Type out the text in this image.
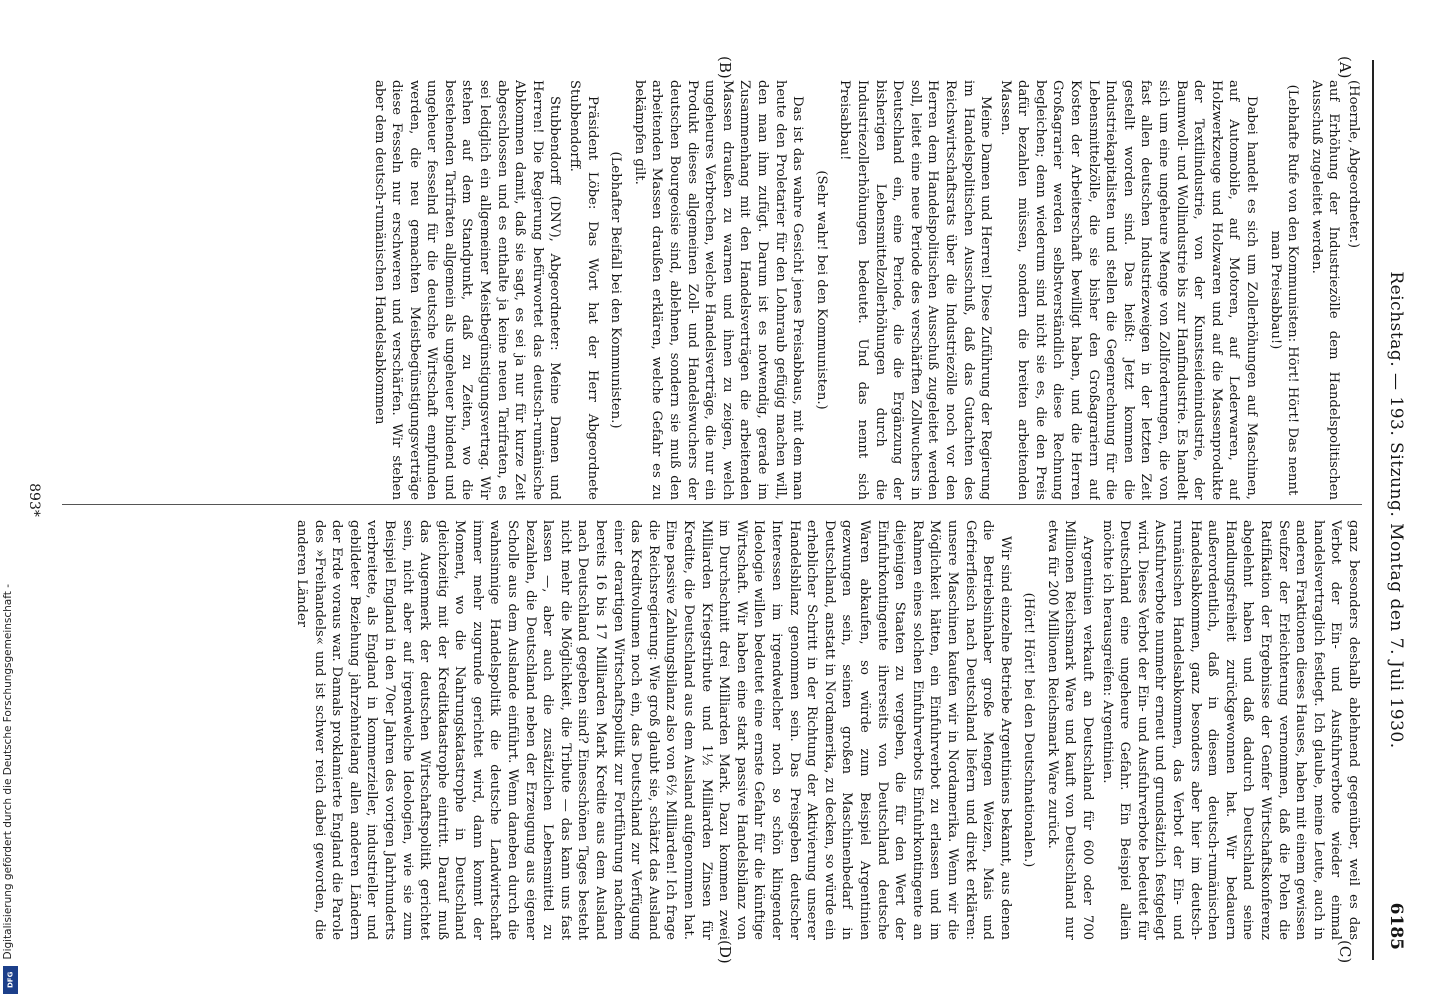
Digitalisierung gefördert durch die Deutsche Forschungsgemeinschaft -
DFG
Reichstag. — 193. Sitzung. Montag den 7. Juli 1930.
6185
(A)
(B)
(C)
(D)

(Hoernle, Abgeordneter.)

auf Erhöhung der Industriezölle dem Handelspolitischen Ausschuß zugeleitet werden.

(Lebhafte Rufe von den Kommunisten: Hört! Hört! Das nennt man Preisabbau!)

Dabei handelt es sich um Zollerhöhungen auf Maschinen, auf Automobile, auf Motoren, auf Lederwaren, auf Holzwerkzeuge und Holzwaren und auf die Massenprodukte der Textilindustrie, von der Kunstseidenindustrie, der Baumwoll- und Wollindustrie bis zur Hanfindustrie. Es handelt sich um eine ungeheure Menge von Zollforderungen, die von fast allen deutschen Industriezweigen in der letzten Zeit gestellt worden sind. Das heißt: Jetzt kommen die Industriekapitalisten und stellen die Gegenrechnung für die Lebensmittelzölle, die sie bisher den Großagrariern auf Kosten der Arbeiterschaft bewilligt haben, und die Herren Großagrarier werden selbstverständlich diese Rechnung begleichen; denn wiederum sind nicht sie es, die den Preis dafür bezahlen müssen, sondern die breiten arbeitenden Massen.

Meine Damen und Herren! Diese Zuführung der Regierung im Handelspolitischen Ausschuß, daß das Gutachten des Reichswirtschaftsrats über die Industriezölle noch vor den Herren dem Handelspolitischen Ausschuß zugeleitet werden soll, leitet eine neue Periode des verschärften Zollwuchers in Deutschland ein, eine Periode, die die Ergänzung der bisherigen Lebensmittelzollerhöhungen durch die Industriezollerhöhungen bedeutet. Und das nennt sich Preisabbau!

(Sehr wahr! bei den Kommunisten.)

Das ist das wahre Gesicht jenes Preisabbaus, mit dem man heute den Proletarier für den Lohnraub gefügig machen will, den man ihm zufügt. Darum ist es notwendig, gerade im Zusammenhang mit den Handelsverträgen die arbeitenden Massen draußen zu warnen und ihnen zu zeigen, welch ungeheures Verbrechen, welche Handelsverträge, die nur ein Produkt dieses allgemeinen Zoll- und Handelswuchers der deutschen Bourgeoisie sind, ablehnen, sondern sie muß den arbeitenden Massen draußen erklären, welche Gefahr es zu bekämpfen gilt.

(Lebhafter Beifall bei den Kommunisten.)

Präsident Löbe: Das Wort hat der Herr Abgeordnete Stubbendorff.

Stubbendorff (DNV), Abgeordneter: Meine Damen und Herren! Die Regierung befürwortet das deutsch-rumänische Abkommen damit, daß sie sagt, es sei ja nur für kurze Zeit abgeschlossen und es enthalte ja keine neuen Tarifraten, es sei lediglich ein allgemeiner Meistbegünstigungsvertrag. Wir stehen auf dem Standpunkt, daß zu Zeiten, wo die bestehenden Tarifraten allgemein als ungeheuer bindend und ungeheuer fesselnd für die deutsche Wirtschaft empfunden werden, die neu gemachten Meistbegünstigungsverträge diese Fesseln nur erschweren und verschärfen. Wir stehen aber dem deutsch-rumänischen Handelsabkommen

ganz besonders deshalb ablehnend gegenüber, weil es das Verbot der Ein- und Ausfuhrverbote wieder einmal handelsvertraglich festlegt. Ich glaube, meine Leute, auch in anderen Fraktionen dieses Hauses, haben mit einem gewissen Seufzer der Erleichterung vernommen, daß die Polen die Ratifikation der Ergebnisse der Genfer Wirtschaftskonferenz abgelehnt haben und daß dadurch Deutschland seine Handlungsfreiheit zurückgewonnen hat. Wir bedauern außerordentlich, daß in diesem deutsch-rumänischen Handelsabkommen, ganz besonders aber hier im deutsch-rumänischen Handelsabkommen, das Verbot der Ein- und Ausfuhrverbote nunmehr erneut und grundsätzlich festgelegt wird. Dieses Verbot der Ein- und Ausfuhrverbote bedeutet für Deutschland eine ungeheure Gefahr. Ein Beispiel allein möchte ich herausgreifen: Argentinien.

Argentinien verkauft an Deutschland für 600 oder 700 Millionen Reichsmark Ware und kauft von Deutschland nur etwa für 200 Millionen Reichsmark Ware zurück.

(Hört! Hört! bei den Deutschnationalen.)

Wir sind einzelne Betriebe Argentiniens bekannt, aus denen die Betriebsinhaber große Mengen Weizen, Mais und Gefrierfleisch nach Deutschland liefern und direkt erklären: unsere Maschinen kaufen wir in Nordamerika. Wenn wir die Möglichkeit hätten, ein Einfuhrverbot zu erlassen und im Rahmen eines solchen Einfuhrverbots Einfuhrkontingente an diejenigen Staaten zu vergeben, die für den Wert der Einfuhrkontingente ihrerseits von Deutschland deutsche Waren abkaufen, so würde zum Beispiel Argentinien gezwungen sein, seinen großen Maschinenbedarf in Deutschland, anstatt in Nordamerika, zu decken, so würde ein erheblicher Schritt in der Richtung der Aktivierung unserer Handelsbilanz genommen sein. Das Preisgeben deutscher Interessen im irgendwelcher noch so schön klingender Ideologie willen bedeutet eine ernste Gefahr für die künftige Wirtschaft. Wir haben eine stark passive Handelsbilanz von im Durchschnitt drei Milliarden Mark. Dazu kommen zwei Milliarden Kriegstribute und 1½ Milliarden Zinsen für Kredite, die Deutschland aus dem Ausland aufgenommen hat. Eine passive Zahlungsbilanz also von 6½ Milliarden! Ich frage die Reichsregierung: Wie groß glaubt sie, schätzt das Ausland das Kreditvolumen noch ein, das Deutschland zur Verfügung einer derartigen Wirtschaftspolitik zur Fortführung nachdem bereits 16 bis 17 Milliarden Mark Kredite aus dem Ausland nach Deutschland gegeben sind? Einesschönen Tages besteht nicht mehr die Möglichkeit, die Tribute — das kann uns fast lassen —, aber auch die zusätzlichen Lebensmittel zu bezahlen, die Deutschland neben der Erzeugung aus eigener Scholle aus dem Auslande einführt. Wenn daneben durch die wahnsinnige Handelspolitik die deutsche Landwirtschaft immer mehr zugrunde gerichtet wird, dann kommt der Moment, wo die Nahrungskatastrophe in Deutschland gleichzeitig mit der Kreditkatastrophe eintritt. Darauf muß das Augenmerk der deutschen Wirtschaftspolitik gerichtet sein, nicht aber auf irgendwelche Ideologien, wie sie zum Beispiel England in den 70er Jahren des vorigen Jahrhunderts verbreitete, als England in kommerzieller, industrieller und gebildeter Beziehung jahrzehntelang allen anderen Ländern der Erde voraus war. Damals proklamierte England die Parole des »Freihandels« und ist schwer reich dabei geworden, die anderen Länder

893*
